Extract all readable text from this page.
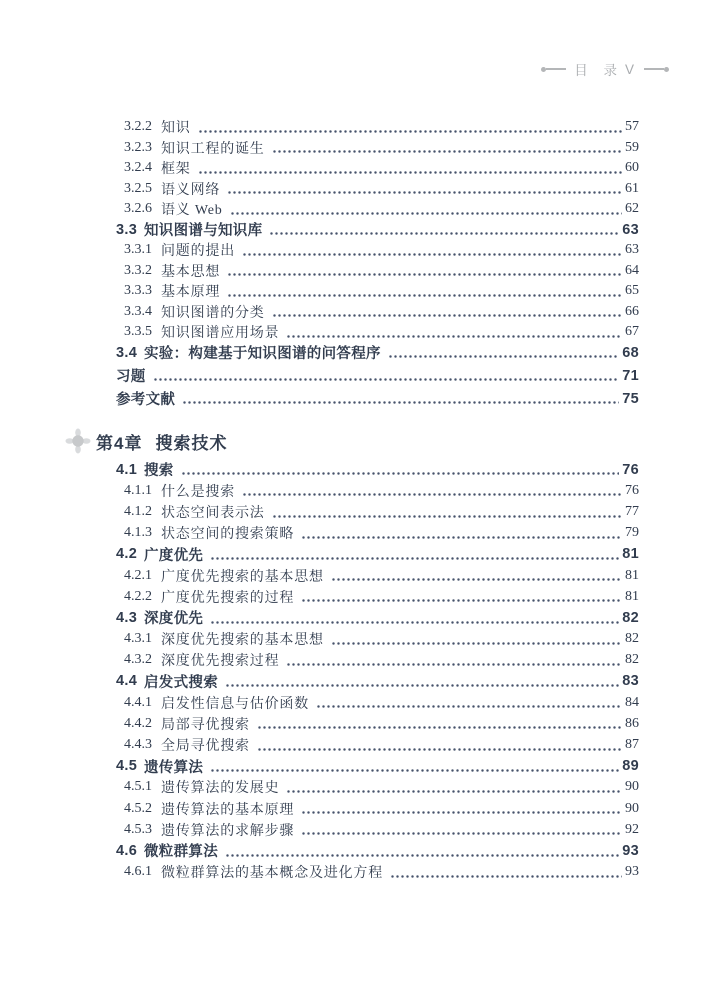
目 录 V
3.2.2 知识	57
3.2.3 知识工程的诞生	59
3.2.4 框架	60
3.2.5 语义网络	61
3.2.6 语义 Web	62
3.3 知识图谱与知识库	63
3.3.1 问题的提出	63
3.3.2 基本思想	64
3.3.3 基本原理	65
3.3.4 知识图谱的分类	66
3.3.5 知识图谱应用场景	67
3.4 实验：构建基于知识图谱的问答程序	68
习题	71
参考文献	75
第4章 搜索技术
4.1 搜索	76
4.1.1 什么是搜索	76
4.1.2 状态空间表示法	77
4.1.3 状态空间的搜索策略	79
4.2 广度优先	81
4.2.1 广度优先搜索的基本思想	81
4.2.2 广度优先搜索的过程	81
4.3 深度优先	82
4.3.1 深度优先搜索的基本思想	82
4.3.2 深度优先搜索过程	82
4.4 启发式搜索	83
4.4.1 启发性信息与估价函数	84
4.4.2 局部寻优搜索	86
4.4.3 全局寻优搜索	87
4.5 遗传算法	89
4.5.1 遗传算法的发展史	90
4.5.2 遗传算法的基本原理	90
4.5.3 遗传算法的求解步骤	92
4.6 微粒群算法	93
4.6.1 微粒群算法的基本概念及进化方程	93
